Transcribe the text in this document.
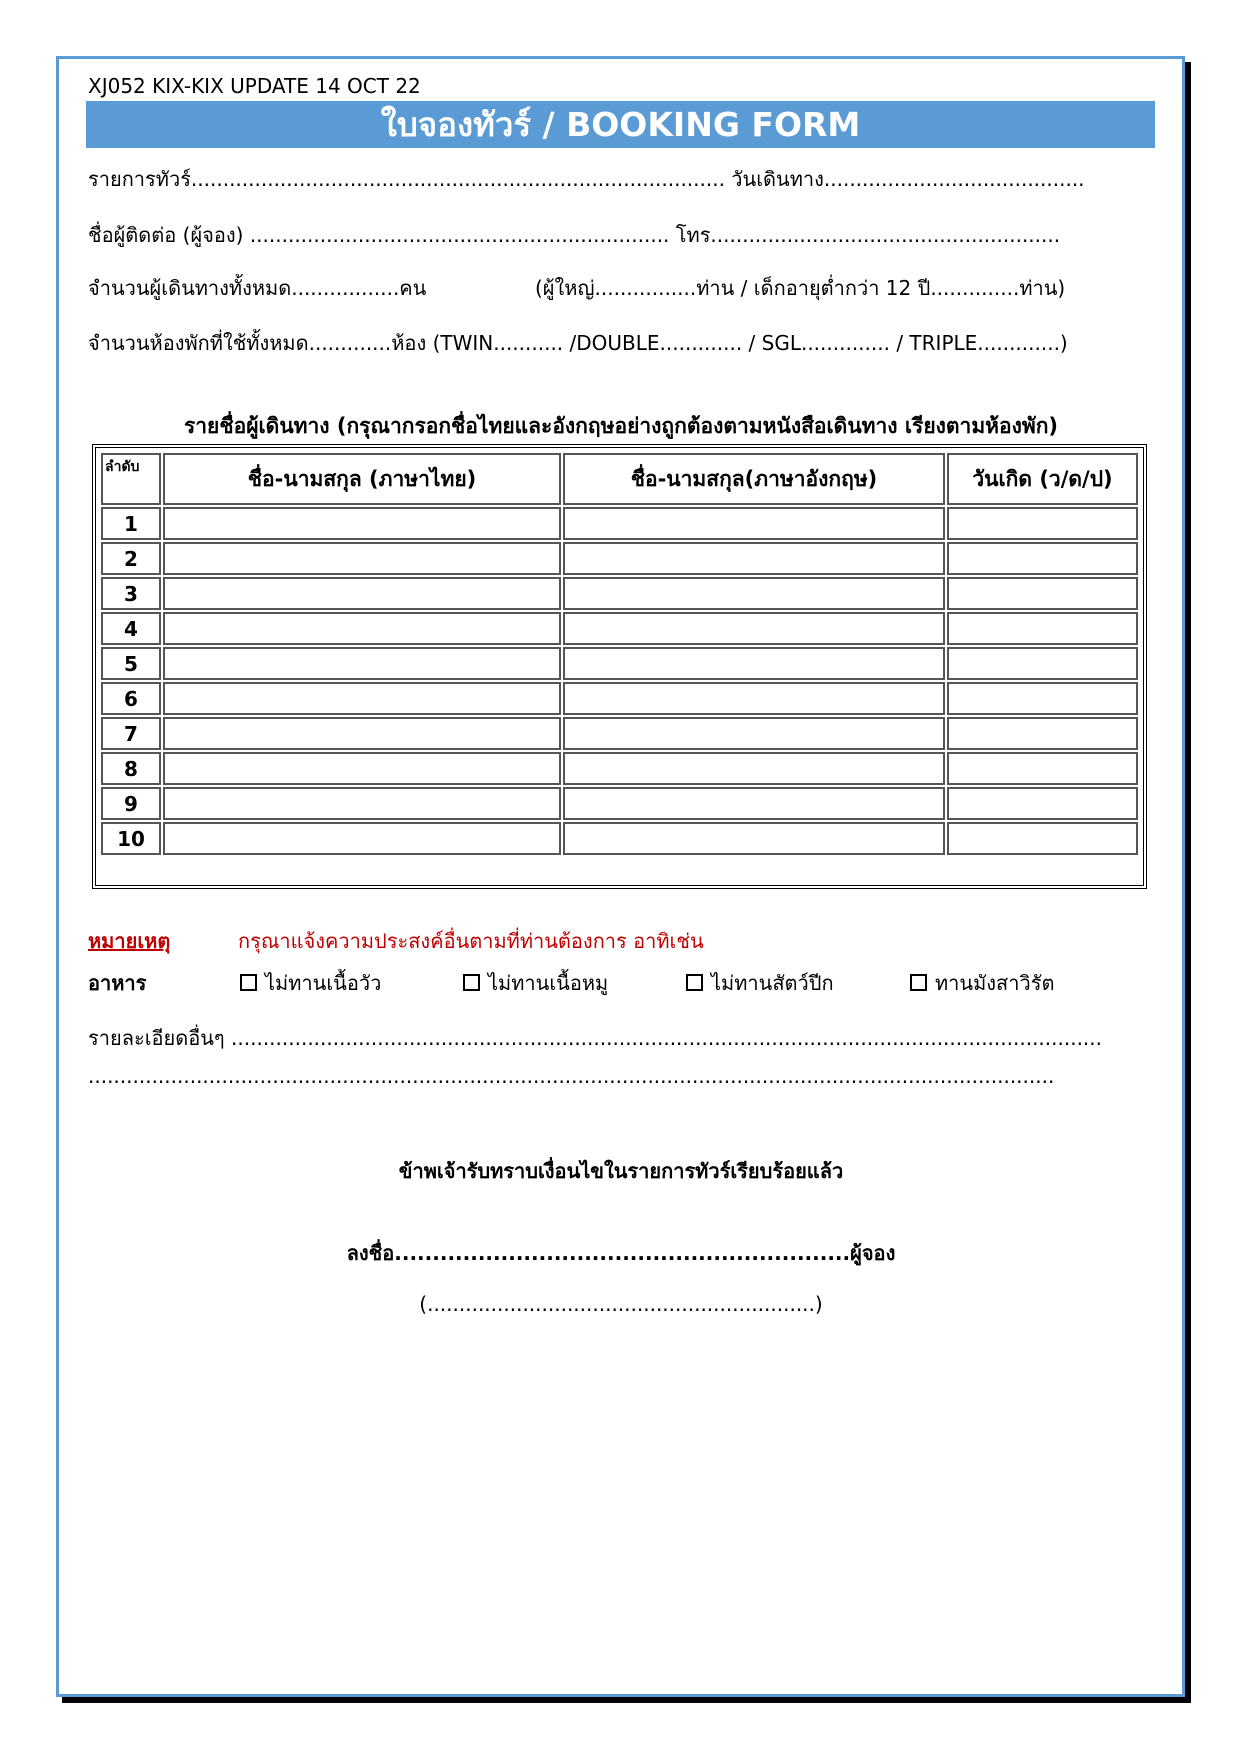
XJ052 KIX-KIX UPDATE 14 OCT 22
ใบจองทัวร์ / BOOKING FORM
รายการทัวร์.................................................................................... วันเดินทาง.........................................
ชื่อผู้ติดต่อ (ผู้จอง) .................................................................. โทร.......................................................
จำนวนผู้เดินทางทั้งหมด.................คน	(ผู้ใหญ่................ท่าน / เด็กอายุต่ำกว่า 12 ปี..............ท่าน)
จำนวนห้องพักที่ใช้ทั้งหมด.............ห้อง (TWIN........... /DOUBLE............. / SGL.............. / TRIPLE.............)
รายชื่อผู้เดินทาง (กรุณากรอกชื่อไทยและอังกฤษอย่างถูกต้องตามหนังสือเดินทาง เรียงตามห้องพัก)
ลำดับ	ชื่อ-นามสกุล (ภาษาไทย)	ชื่อ-นามสกุล(ภาษาอังกฤษ)	วันเกิด (ว/ด/ป)
1			
2			
3			
4			
5			
6			
7			
8			
9			
10			
หมายเหตุ	กรุณาแจ้งความประสงค์อื่นตามที่ท่านต้องการ อาทิเช่น
อาหาร	ไม่ทานเนื้อวัว	ไม่ทานเนื้อหมู	ไม่ทานสัตว์ปีก	ทานมังสาวิรัต
รายละเอียดอื่นๆ .........................................................................................................................................
........................................................................................................................................................
ข้าพเจ้ารับทราบเงื่อนไขในรายการทัวร์เรียบร้อยแล้ว
ลงชื่อ............................................................ผู้จอง
(.............................................................)
